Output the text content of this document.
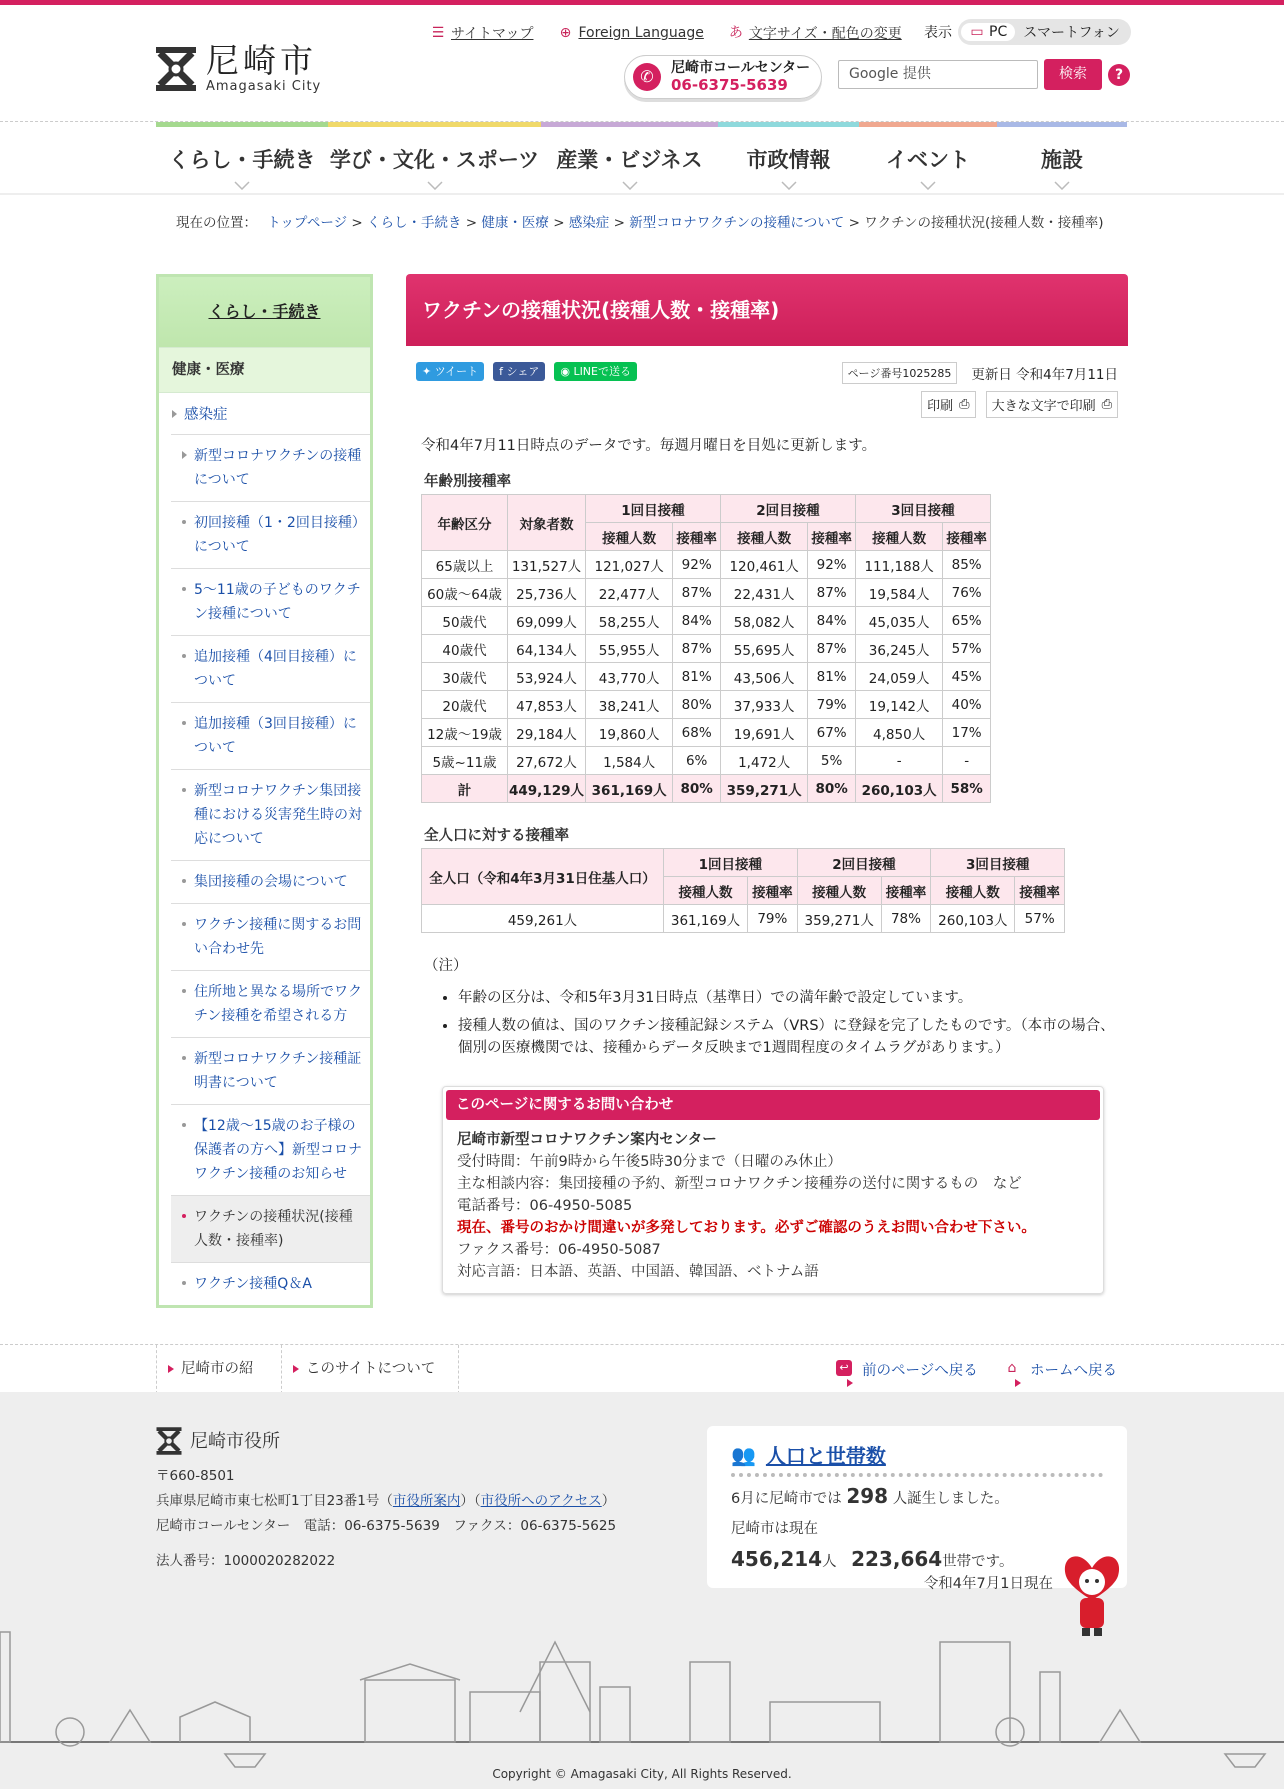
尼崎市
Amagasaki City
☰ サイトマップ ⊕ Foreign Language あ 文字サイズ・配色の変更 表示 ▭ PC	スマートフォン
✆	尼崎市コールセンター
06-6375-5639
Google 提供	検索	?
くらし・手続き 学び・文化・スポーツ 産業・ビジネス	市政情報	イベント	施設
現在の位置： トップページ > くらし・手続き > 健康・医療 > 感染症 > 新型コロナワクチンの接種について > ワクチンの接種状況(接種人数・接種率)
くらし・手続き
健康・医療
感染症
新型コロナワクチンの接種について
初回接種（1・2回目接種）について
5～11歳の子どものワクチン接種について
追加接種（4回目接種）について
追加接種（3回目接種）について
新型コロナワクチン集団接種における災害発生時の対応について
集団接種の会場について
ワクチン接種に関するお問い合わせ先
住所地と異なる場所でワクチン接種を希望される方
新型コロナワクチン接種証明書について
【12歳～15歳のお子様の保護者の方へ】新型コロナワクチン接種のお知らせ
ワクチンの接種状況(接種人数・接種率)
ワクチン接種Q＆A
ワクチンの接種状況(接種人数・接種率)
✦ ツイート	f シェア	◉ LINEで送る	ページ番号1025285	更新日 令和4年7月11日
印刷 ⎙ 大きな文字で印刷 ⎙
令和4年7月11日時点のデータです。毎週月曜日を目処に更新します。
年齢別接種率
年齢区分	対象者数	1回目接種		2回目接種		3回目接種	
		接種人数	接種率	接種人数	接種率	接種人数	接種率
65歳以上	131,527人	121,027人	92%	120,461人	92%	111,188人	85%
60歳～64歳	25,736人	22,477人	87%	22,431人	87%	19,584人	76%
50歳代	69,099人	58,255人	84%	58,082人	84%	45,035人	65%
40歳代	64,134人	55,955人	87%	55,695人	87%	36,245人	57%
30歳代	53,924人	43,770人	81%	43,506人	81%	24,059人	45%
20歳代	47,853人	38,241人	80%	37,933人	79%	19,142人	40%
12歳～19歳	29,184人	19,860人	68%	19,691人	67%	4,850人	17%
5歳~11歳	27,672人	1,584人	6%	1,472人	5%	-	-
計	449,129人	361,169人	80%	359,271人	80%	260,103人	58%
全人口に対する接種率
全人口（令和4年3月31日住基人口）	1回目接種		2回目接種		3回目接種	
	接種人数	接種率	接種人数	接種率	接種人数	接種率
459,261人	361,169人	79%	359,271人	78%	260,103人	57%
（注）
• 年齢の区分は、令和5年3月31日時点（基準日）での満年齢で設定しています。
• 接種人数の値は、国のワクチン接種記録システム（VRS）に登録を完了したものです。（本市の場合、個別の医療機関では、接種からデータ反映まで1週間程度のタイムラグがあります。）
このページに関するお問い合わせ
尼崎市新型コロナワクチン案内センター
受付時間：午前9時から午後5時30分まで（日曜のみ休止）
主な相談内容：集団接種の予約、新型コロナワクチン接種券の送付に関するもの　など
電話番号：06-4950-5085
現在、番号のおかけ間違いが多発しております。必ずご確認のうえお問い合わせ下さい。
ファクス番号：06-4950-5087
対応言語：日本語、英語、中国語、韓国語、ベトナム語
尼崎市の紹	このサイトについて	↩ 前のページへ戻る ⌂ ホームへ戻る
尼崎市役所
〒660-8501
兵庫県尼崎市東七松町1丁目23番1号（市役所案内）（市役所へのアクセス）
尼崎市コールセンター　電話：06-6375-5639　ファクス：06-6375-5625
法人番号：1000020282022
👥 人口と世帯数
6月に尼崎市では 298 人誕生しました。
尼崎市は現在
456,214人　 223,664世帯です。
令和4年7月1日現在
Copyright © Amagasaki City, All Rights Reserved.
